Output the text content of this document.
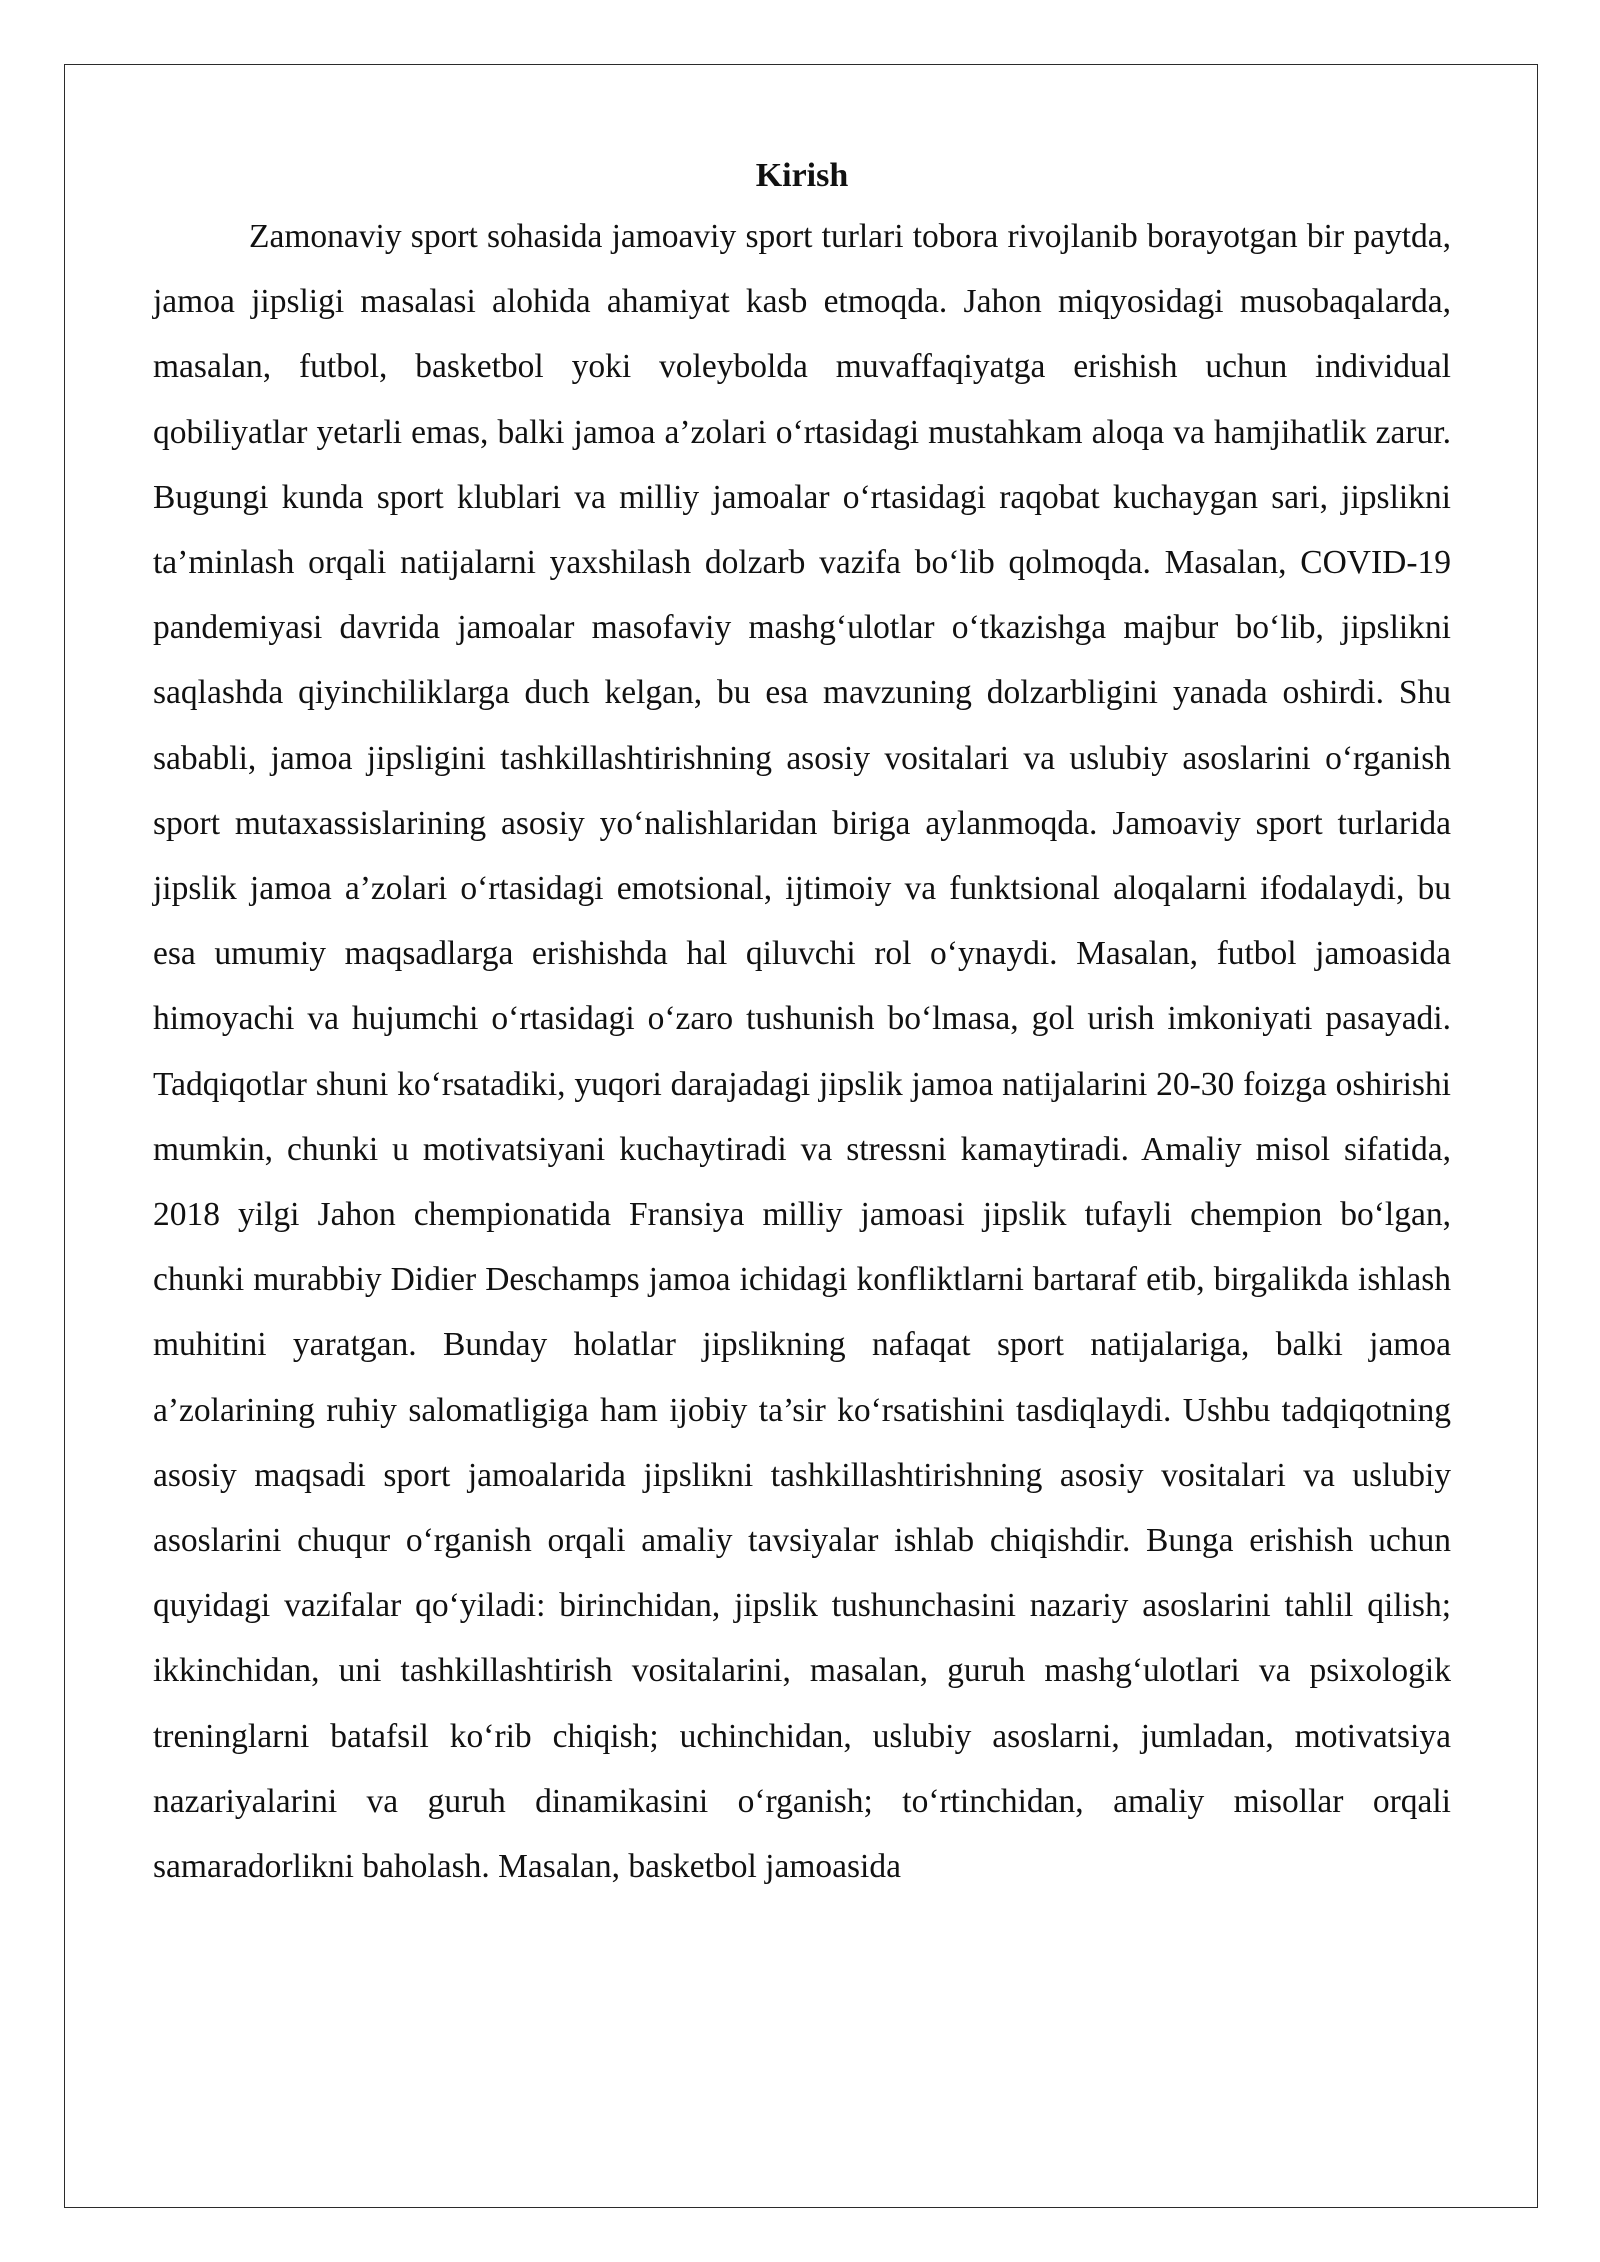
Kirish

Zamonaviy sport sohasida jamoaviy sport turlari tobora rivojlanib borayotgan bir paytda, jamoa jipsligi masalasi alohida ahamiyat kasb etmoqda. Jahon miqyosidagi musobaqalarda, masalan, futbol, basketbol yoki voleybolda muvaffaqiyatga erishish uchun individual qobiliyatlar yetarli emas, balki jamoa a’zolari o‘rtasidagi mustahkam aloqa va hamjihatlik zarur. Bugungi kunda sport klublari va milliy jamoalar o‘rtasidagi raqobat kuchaygan sari, jipslikni ta’minlash orqali natijalarni yaxshilash dolzarb vazifa bo‘lib qolmoqda. Masalan, COVID-19 pandemiyasi davrida jamoalar masofaviy mashg‘ulotlar o‘tkazishga majbur bo‘lib, jipslikni saqlashda qiyinchiliklarga duch kelgan, bu esa mavzuning dolzarbligini yanada oshirdi. Shu sababli, jamoa jipsligini tashkillashtirishning asosiy vositalari va uslubiy asoslarini o‘rganish sport mutaxassislarining asosiy yo‘nalishlaridan biriga aylanmoqda. Jamoaviy sport turlarida jipslik jamoa a’zolari o‘rtasidagi emotsional, ijtimoiy va funktsional aloqalarni ifodalaydi, bu esa umumiy maqsadlarga erishishda hal qiluvchi rol o‘ynaydi. Masalan, futbol jamoasida himoyachi va hujumchi o‘rtasidagi o‘zaro tushunish bo‘lmasa, gol urish imkoniyati pasayadi. Tadqiqotlar shuni ko‘rsatadiki, yuqori darajadagi jipslik jamoa natijalarini 20-30 foizga oshirishi mumkin, chunki u motivatsiyani kuchaytiradi va stressni kamaytiradi. Amaliy misol sifatida, 2018 yilgi Jahon chempionatida Fransiya milliy jamoasi jipslik tufayli chempion bo‘lgan, chunki murabbiy Didier Deschamps jamoa ichidagi konfliktlarni bartaraf etib, birgalikda ishlash muhitini yaratgan. Bunday holatlar jipslikning nafaqat sport natijalariga, balki jamoa a’zolarining ruhiy salomatligiga ham ijobiy ta’sir ko‘rsatishini tasdiqlaydi. Ushbu tadqiqotning asosiy maqsadi sport jamoalarida jipslikni tashkillashtirishning asosiy vositalari va uslubiy asoslarini chuqur o‘rganish orqali amaliy tavsiyalar ishlab chiqishdir. Bunga erishish uchun quyidagi vazifalar qo‘yiladi: birinchidan, jipslik tushunchasini nazariy asoslarini tahlil qilish; ikkinchidan, uni tashkillashtirish vositalarini, masalan, guruh mashg‘ulotlari va psixologik treninglarni batafsil ko‘rib chiqish; uchinchidan, uslubiy asoslarni, jumladan, motivatsiya nazariyalarini va guruh dinamikasini o‘rganish; to‘rtinchidan, amaliy misollar orqali samaradorlikni baholash. Masalan, basketbol jamoasida
